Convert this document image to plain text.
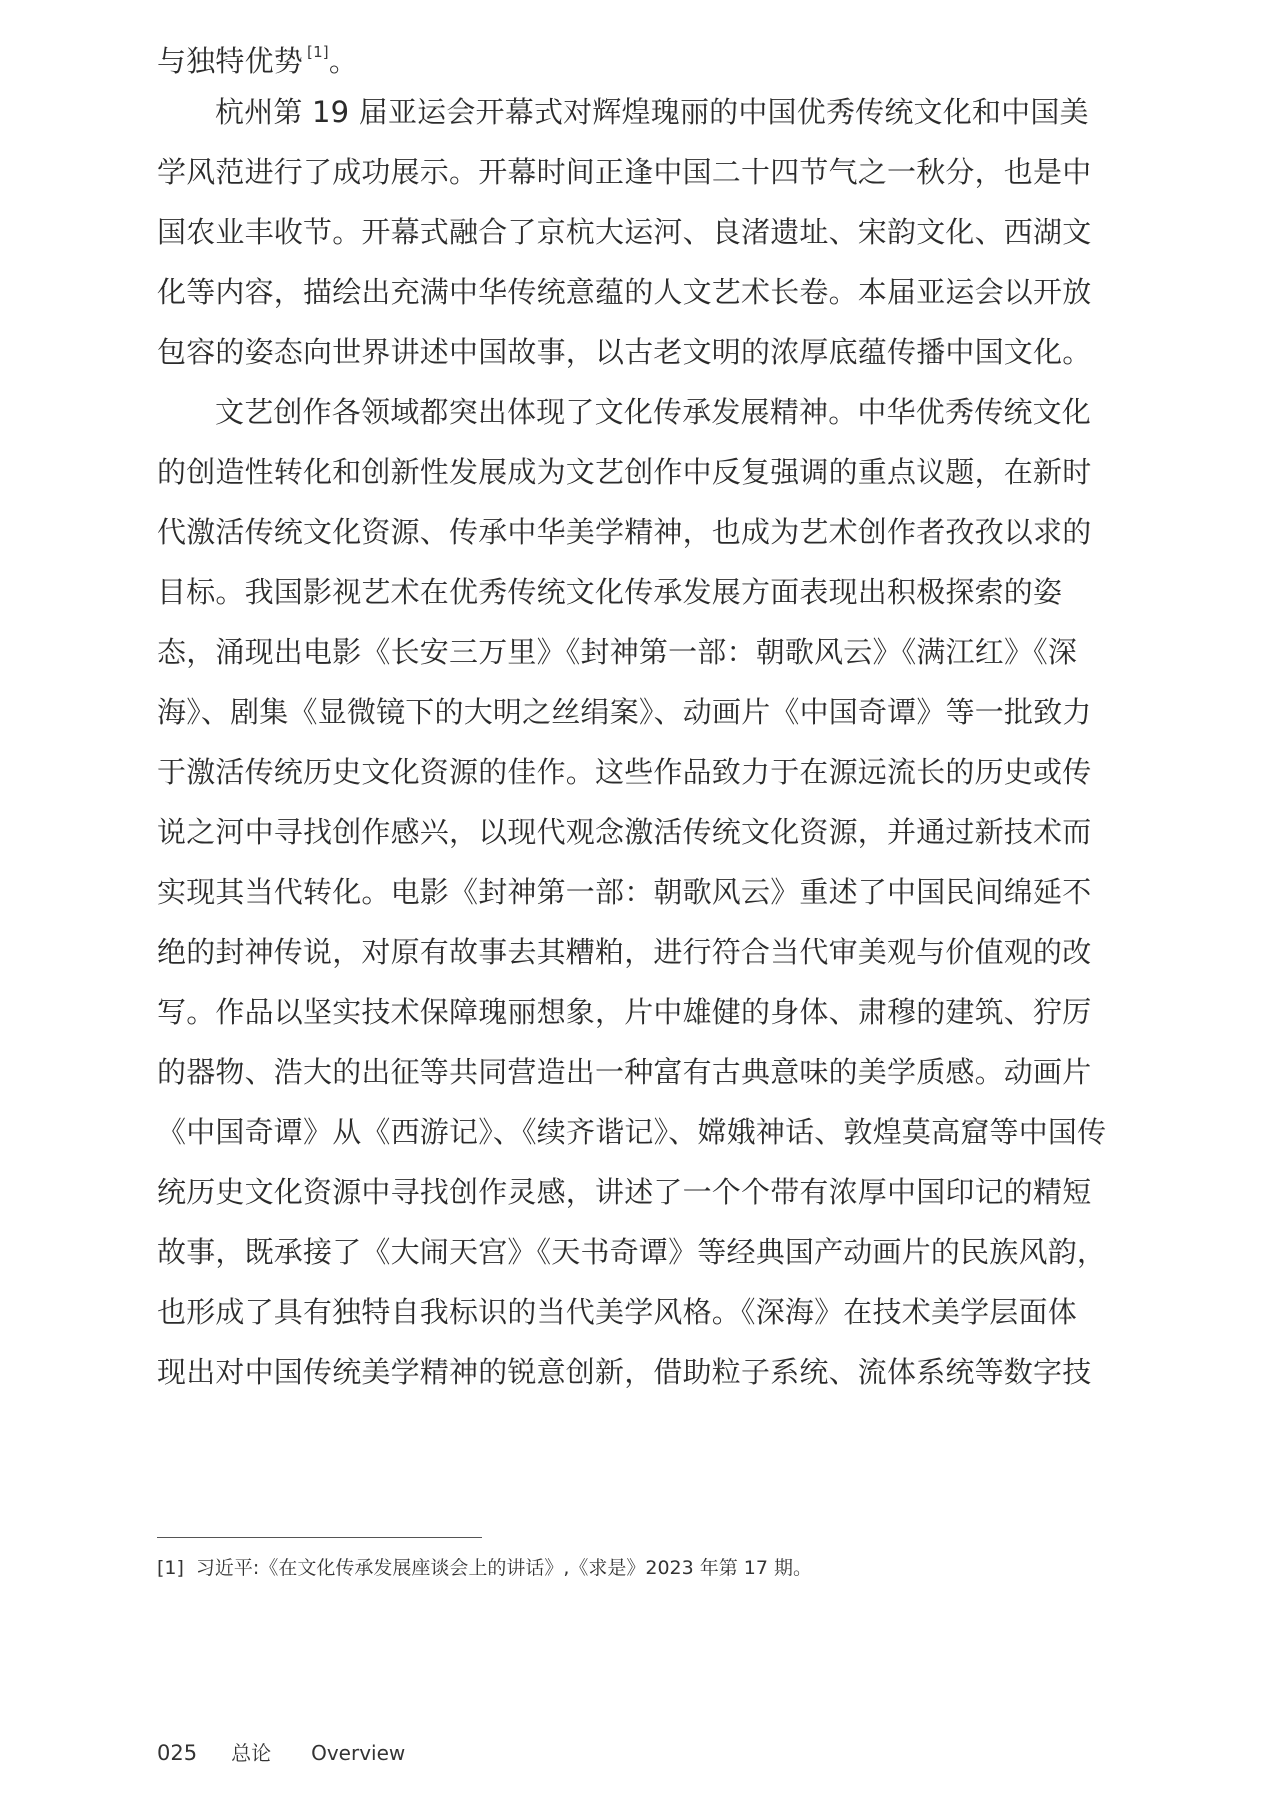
与独特优势 [1]。
杭州第 19 届亚运会开幕式对辉煌瑰丽的中国优秀传统文化和中国美
学风范进行了成功展示。开幕时间正逢中国二十四节气之一秋分，也是中
国农业丰收节。开幕式融合了京杭大运河、良渚遗址、宋韵文化、西湖文
化等内容，描绘出充满中华传统意蕴的人文艺术长卷。本届亚运会以开放
包容的姿态向世界讲述中国故事，以古老文明的浓厚底蕴传播中国文化。
文艺创作各领域都突出体现了文化传承发展精神。中华优秀传统文化
的创造性转化和创新性发展成为文艺创作中反复强调的重点议题，在新时
代激活传统文化资源、传承中华美学精神，也成为艺术创作者孜孜以求的
目标。我国影视艺术在优秀传统文化传承发展方面表现出积极探索的姿
态，涌现出电影《长安三万里》《封神第一部：朝歌风云》《满江红》《深
海》、剧集《显微镜下的大明之丝绢案》、动画片《中国奇谭》等一批致力
于激活传统历史文化资源的佳作。这些作品致力于在源远流长的历史或传
说之河中寻找创作感兴，以现代观念激活传统文化资源，并通过新技术而
实现其当代转化。电影《封神第一部：朝歌风云》重述了中国民间绵延不
绝的封神传说，对原有故事去其糟粕，进行符合当代审美观与价值观的改
写。作品以坚实技术保障瑰丽想象，片中雄健的身体、肃穆的建筑、狞厉
的器物、浩大的出征等共同营造出一种富有古典意味的美学质感。动画片
《中国奇谭》从《西游记》、《续齐谐记》、嫦娥神话、敦煌莫高窟等中国传
统历史文化资源中寻找创作灵感，讲述了一个个带有浓厚中国印记的精短
故事，既承接了《大闹天宫》《天书奇谭》等经典国产动画片的民族风韵，
也形成了具有独特自我标识的当代美学风格。《深海》在技术美学层面体
现出对中国传统美学精神的锐意创新，借助粒子系统、流体系统等数字技
[1] 习近平:《在文化传承发展座谈会上的讲话》,《求是》2023 年第 17 期。
025 总论 Overview
